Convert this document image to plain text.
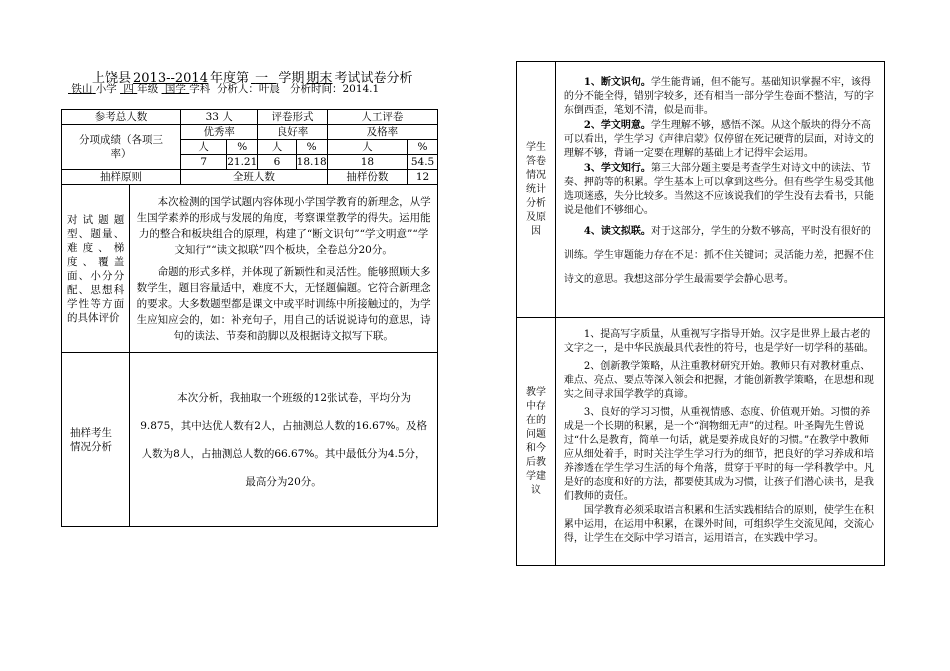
上饶县 2013--2014 年度第 一 学期 期末 考试试卷分析
铁山 小学 四 年级 国学 学科 分析人：叶晨 分析时间：2014.1
参考总人数		33 人		评卷形式		人工评卷	
分项成绩（各项三率）		优秀率		良好率		及格率	
		人	%	人	%	人	%
		7	21.21	6	18.18	18	54.5
抽样原则		全班人数				抽样份数	12
对试题题型、题量、难度、梯度、覆盖面、小分分配、思想科学性等方面的具体评价	本次检测的国学试题内容体现小学国学教育的新理念，从学生国学素养的形成与发展的角度，考察课堂教学的得失。运用能力的整合和板块组合的原理，构建了“断文识句”“学文明意”“学文知行”“读文拟联”四个板块，全卷总分20分。

命题的形式多样，并体现了新颖性和灵活性。能够照顾大多数学生，题目容量适中，难度不大，无怪题偏题。它符合新理念的要求。大多数题型都是课文中或平时训练中所接触过的，为学生应知应会的，如：补充句子，用自己的话说说诗句的意思，诗句的读法、节奏和韵脚以及根据诗文拟写下联。						

抽样考生情况分析	本次分析，我抽取一个班级的12张试卷，平均分为9.875，其中达优人数有2人，占抽测总人数的16.67%。及格人数为8人，占抽测总人数的66.67%。其中最低分为4.5分，最高分为20分。						

学生答卷情况统计分析及原因	1、断文识句。学生能背诵，但不能写。基础知识掌握不牢，该得的分不能全得，错别字较多，还有相当一部分学生卷面不整洁，写的字东倒西歪，笔划不清，似是而非。

2、学文明意。学生理解不够，感悟不深。从这个版块的得分不高可以看出，学生学习《声律启蒙》仅停留在死记硬背的层面，对诗文的理解不够，背诵一定要在理解的基础上才记得牢会运用。

3、学文知行。第三大部分题主要是考查学生对诗文中的读法、节奏、押韵等的积累。学生基本上可以拿到这些分。但有些学生易受其他选项迷惑，失分比较多。当然这不应该说我们的学生没有去看书，只能说是他们不够细心。

4、读文拟联。对于这部分，学生的分数不够高，平时没有很好的训练。学生审题能力存在不足：抓不住关键词；灵活能力差，把握不住诗文的意思。我想这部分学生最需要学会静心思考。

教学中存在的问题和今后教学建议	1、提高写字质量，从重视写字指导开始。汉字是世界上最古老的文字之一，是中华民族最具代表性的符号，也是学好一切学科的基础。

2、创新教学策略，从注重教材研究开始。教师只有对教材重点、难点、亮点、要点等深入领会和把握，才能创新教学策略，在思想和现实之间寻求国学教学的真谛。

3、良好的学习习惯，从重视情感、态度、价值观开始。习惯的养成是一个长期的积累，是一个“润物细无声”的过程。叶圣陶先生曾说过“什么是教育，简单一句话，就是要养成良好的习惯。”在教学中教师应从细处着手，时时关注学生学习行为的细节，把良好的学习养成和培养渗透在学生学习生活的每个角落，贯穿于平时的每一学科教学中。凡是好的态度和好的方法，都要使其成为习惯，让孩子们潜心读书，是我们教师的责任。

国学教育必须采取语言积累和生活实践相结合的原则，使学生在积累中运用，在运用中积累，在课外时间，可组织学生交流见闻，交流心得，让学生在交际中学习语言，运用语言，在实践中学习。
